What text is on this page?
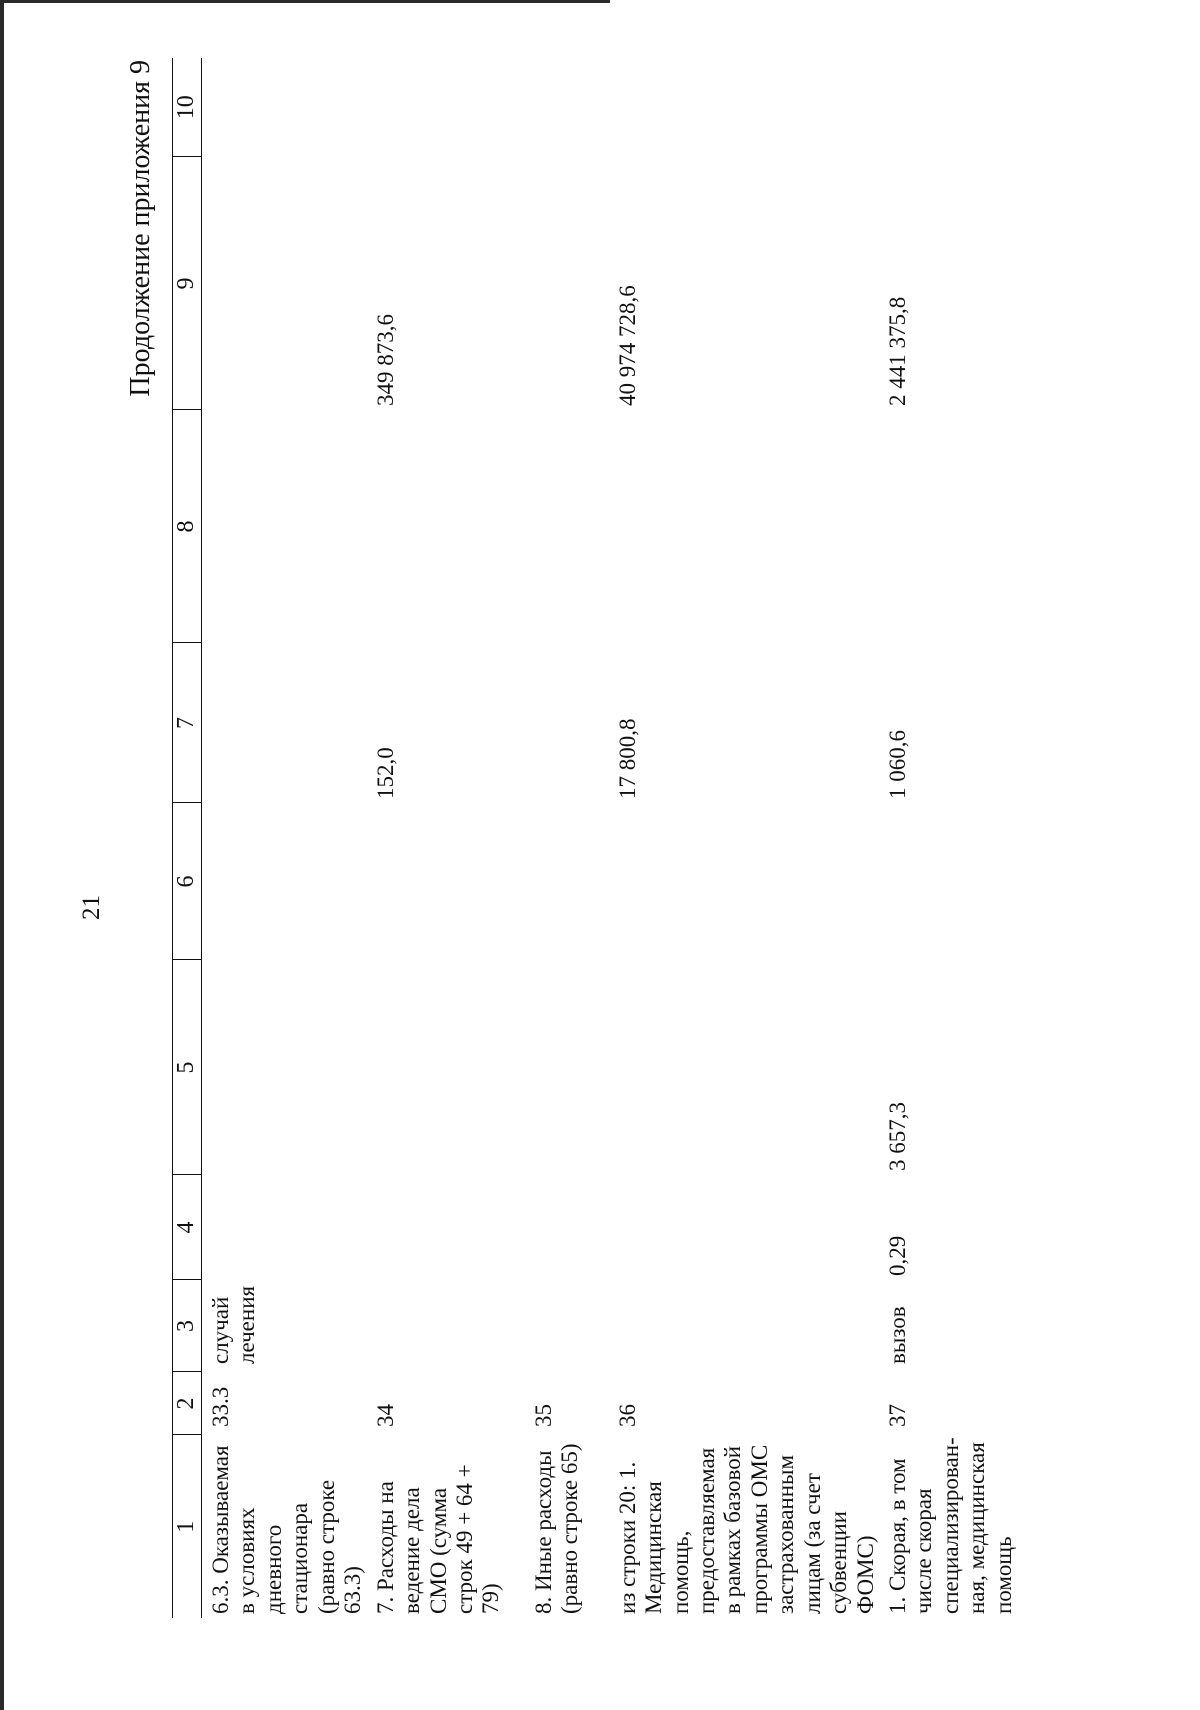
21
Продолжение приложения 9
1	2	3	4	5	6	7	8	9	10
6.3. Оказываемая в условиях дневного стационара (равно строке 63.3)	33.3	случай лечения							
7. Расходы на ведение дела СМО (сумма строк 49 + 64 + 79)	34					152,0		349 873,6	
8. Иные расходы (равно строке 65)	35								
из строки 20: 1. Медицинская помощь, предоставляемая в рамках базовой программы ОМС застрахованным лицам (за счет субвенции ФОМС)	36					17 800,8		40 974 728,6	
1. Скорая, в том числе скорая специализирован-ная, медицинская помощь	37	вызов	0,29	3 657,3		1 060,6		2 441 375,8	
